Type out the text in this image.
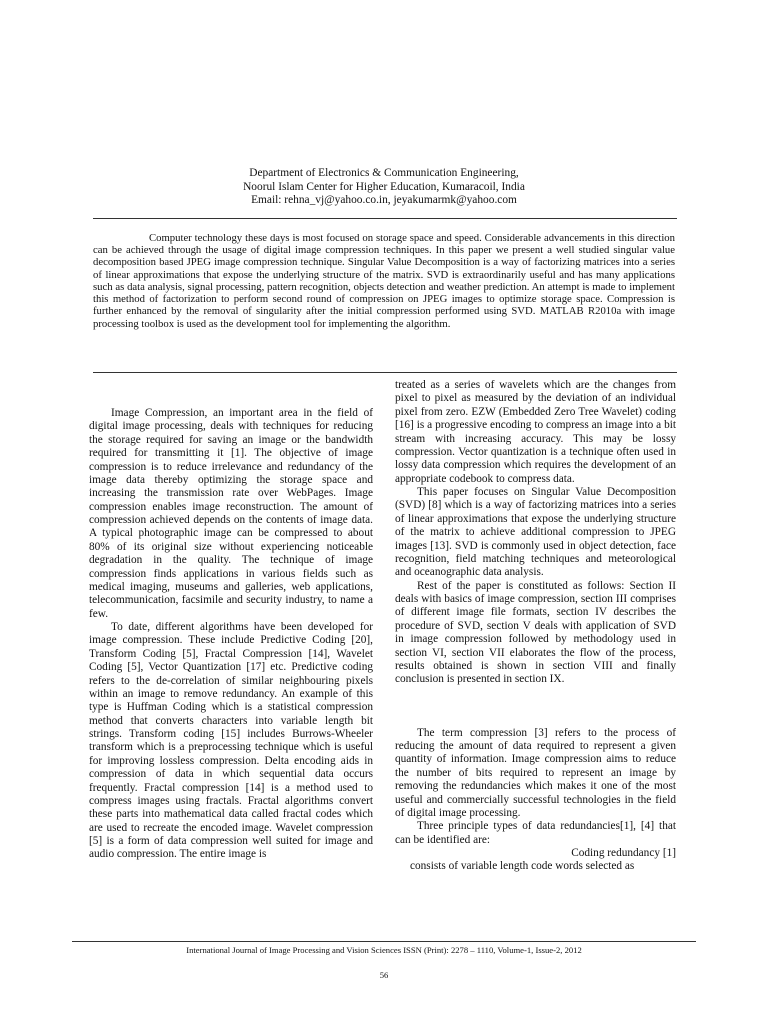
Department of Electronics & Communication Engineering,
Noorul Islam Center for Higher Education, Kumaracoil, India
Email: rehna_vj@yahoo.co.in, jeyakumarmk@yahoo.com

Computer technology these days is most focused on storage space and speed. Considerable advancements in this direction can be achieved through the usage of digital image compression techniques. In this paper we present a well studied singular value decomposition based JPEG image compression technique. Singular Value Decomposition is a way of factorizing matrices into a series of linear approximations that expose the underlying structure of the matrix. SVD is extraordinarily useful and has many applications such as data analysis, signal processing, pattern recognition, objects detection and weather prediction. An attempt is made to implement this method of factorization to perform second round of compression on JPEG images to optimize storage space. Compression is further enhanced by the removal of singularity after the initial compression performed using SVD. MATLAB R2010a with image processing toolbox is used as the development tool for implementing the algorithm.

Image Compression, an important area in the field of digital image processing, deals with techniques for reducing the storage required for saving an image or the bandwidth required for transmitting it [1]. The objective of image compression is to reduce irrelevance and redundancy of the image data thereby optimizing the storage space and increasing the transmission rate over WebPages. Image compression enables image reconstruction. The amount of compression achieved depends on the contents of image data. A typical photographic image can be compressed to about 80% of its original size without experiencing noticeable degradation in the quality. The technique of image compression finds applications in various fields such as medical imaging, museums and galleries, web applications, telecommunication, facsimile and security industry, to name a few.

To date, different algorithms have been developed for image compression. These include Predictive Coding [20], Transform Coding [5], Fractal Compression [14], Wavelet Coding [5], Vector Quantization [17] etc. Predictive coding refers to the de-correlation of similar neighbouring pixels within an image to remove redundancy. An example of this type is Huffman Coding which is a statistical compression method that converts characters into variable length bit strings. Transform coding [15] includes Burrows-Wheeler transform which is a preprocessing technique which is useful for improving lossless compression. Delta encoding aids in compression of data in which sequential data occurs frequently. Fractal compression [14] is a method used to compress images using fractals. Fractal algorithms convert these parts into mathematical data called fractal codes which are used to recreate the encoded image. Wavelet compression [5] is a form of data compression well suited for image and audio compression. The entire image is

treated as a series of wavelets which are the changes from pixel to pixel as measured by the deviation of an individual pixel from zero. EZW (Embedded Zero Tree Wavelet) coding [16] is a progressive encoding to compress an image into a bit stream with increasing accuracy. This may be lossy compression. Vector quantization is a technique often used in lossy data compression which requires the development of an appropriate codebook to compress data.

This paper focuses on Singular Value Decomposition (SVD) [8] which is a way of factorizing matrices into a series of linear approximations that expose the underlying structure of the matrix to achieve additional compression to JPEG images [13]. SVD is commonly used in object detection, face recognition, field matching techniques and meteorological and oceanographic data analysis.

Rest of the paper is constituted as follows: Section II deals with basics of image compression, section III comprises of different image file formats, section IV describes the procedure of SVD, section V deals with application of SVD in image compression followed by methodology used in section VI, section VII elaborates the flow of the process, results obtained is shown in section VIII and finally conclusion is presented in section IX.

The term compression [3] refers to the process of reducing the amount of data required to represent a given quantity of information. Image compression aims to reduce the number of bits required to represent an image by removing the redundancies which makes it one of the most useful and commercially successful technologies in the field of digital image processing.

Three principle types of data redundancies[1], [4] that can be identified are:

Coding redundancy [1]

consists of variable length code words selected as

International Journal of Image Processing and Vision Sciences ISSN (Print): 2278 – 1110, Volume-1, Issue-2, 2012
56
